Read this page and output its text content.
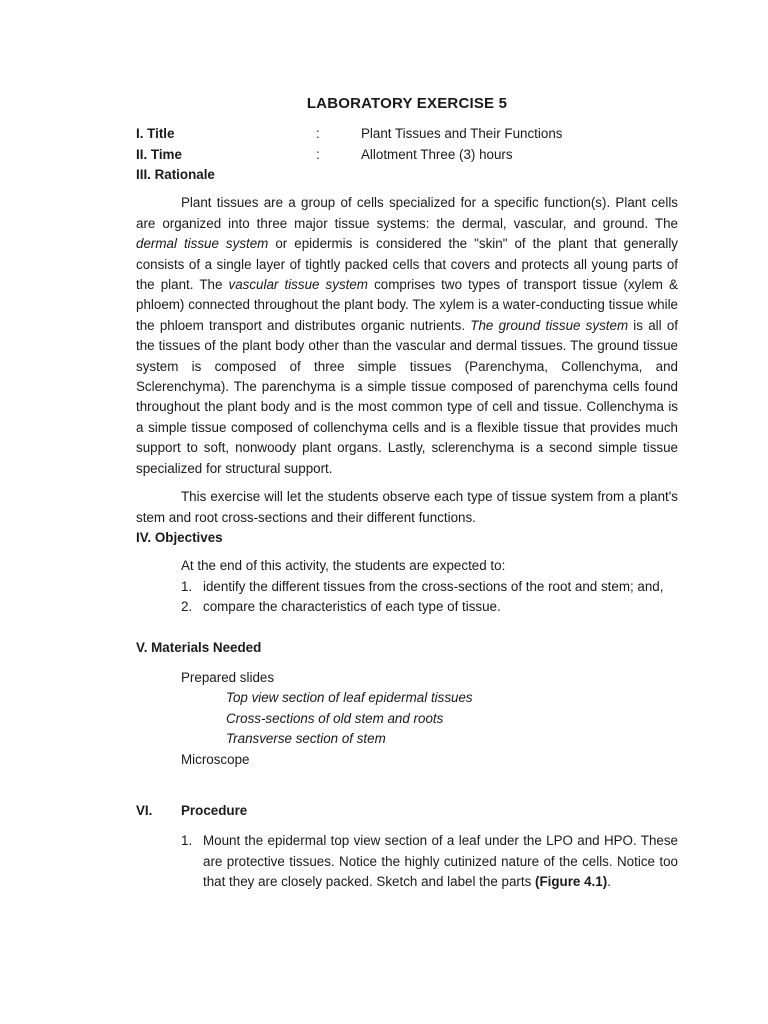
LABORATORY EXERCISE 5
I. Title	:	Plant Tissues and Their Functions
II. Time	:	Allotment Three (3) hours
III. Rationale

Plant tissues are a group of cells specialized for a specific function(s). Plant cells are organized into three major tissue systems: the dermal, vascular, and ground. The dermal tissue system or epidermis is considered the "skin" of the plant that generally consists of a single layer of tightly packed cells that covers and protects all young parts of the plant. The vascular tissue system comprises two types of transport tissue (xylem & phloem) connected throughout the plant body. The xylem is a water-conducting tissue while the phloem transport and distributes organic nutrients. The ground tissue system is all of the tissues of the plant body other than the vascular and dermal tissues. The ground tissue system is composed of three simple tissues (Parenchyma, Collenchyma, and Sclerenchyma). The parenchyma is a simple tissue composed of parenchyma cells found throughout the plant body and is the most common type of cell and tissue. Collenchyma is a simple tissue composed of collenchyma cells and is a flexible tissue that provides much support to soft, nonwoody plant organs. Lastly, sclerenchyma is a second simple tissue specialized for structural support.

This exercise will let the students observe each type of tissue system from a plant's stem and root cross-sections and their different functions.

IV. Objectives

At the end of this activity, the students are expected to:

1. identify the different tissues from the cross-sections of the root and stem; and,
2. compare the characteristics of each type of tissue.
V. Materials Needed

Prepared slides

Top view section of leaf epidermal tissues

Cross-sections of old stem and roots

Transverse section of stem

Microscope

VI.	Procedure
1. Mount the epidermal top view section of a leaf under the LPO and HPO. These are protective tissues. Notice the highly cutinized nature of the cells. Notice too that they are closely packed. Sketch and label the parts (Figure 4.1).
